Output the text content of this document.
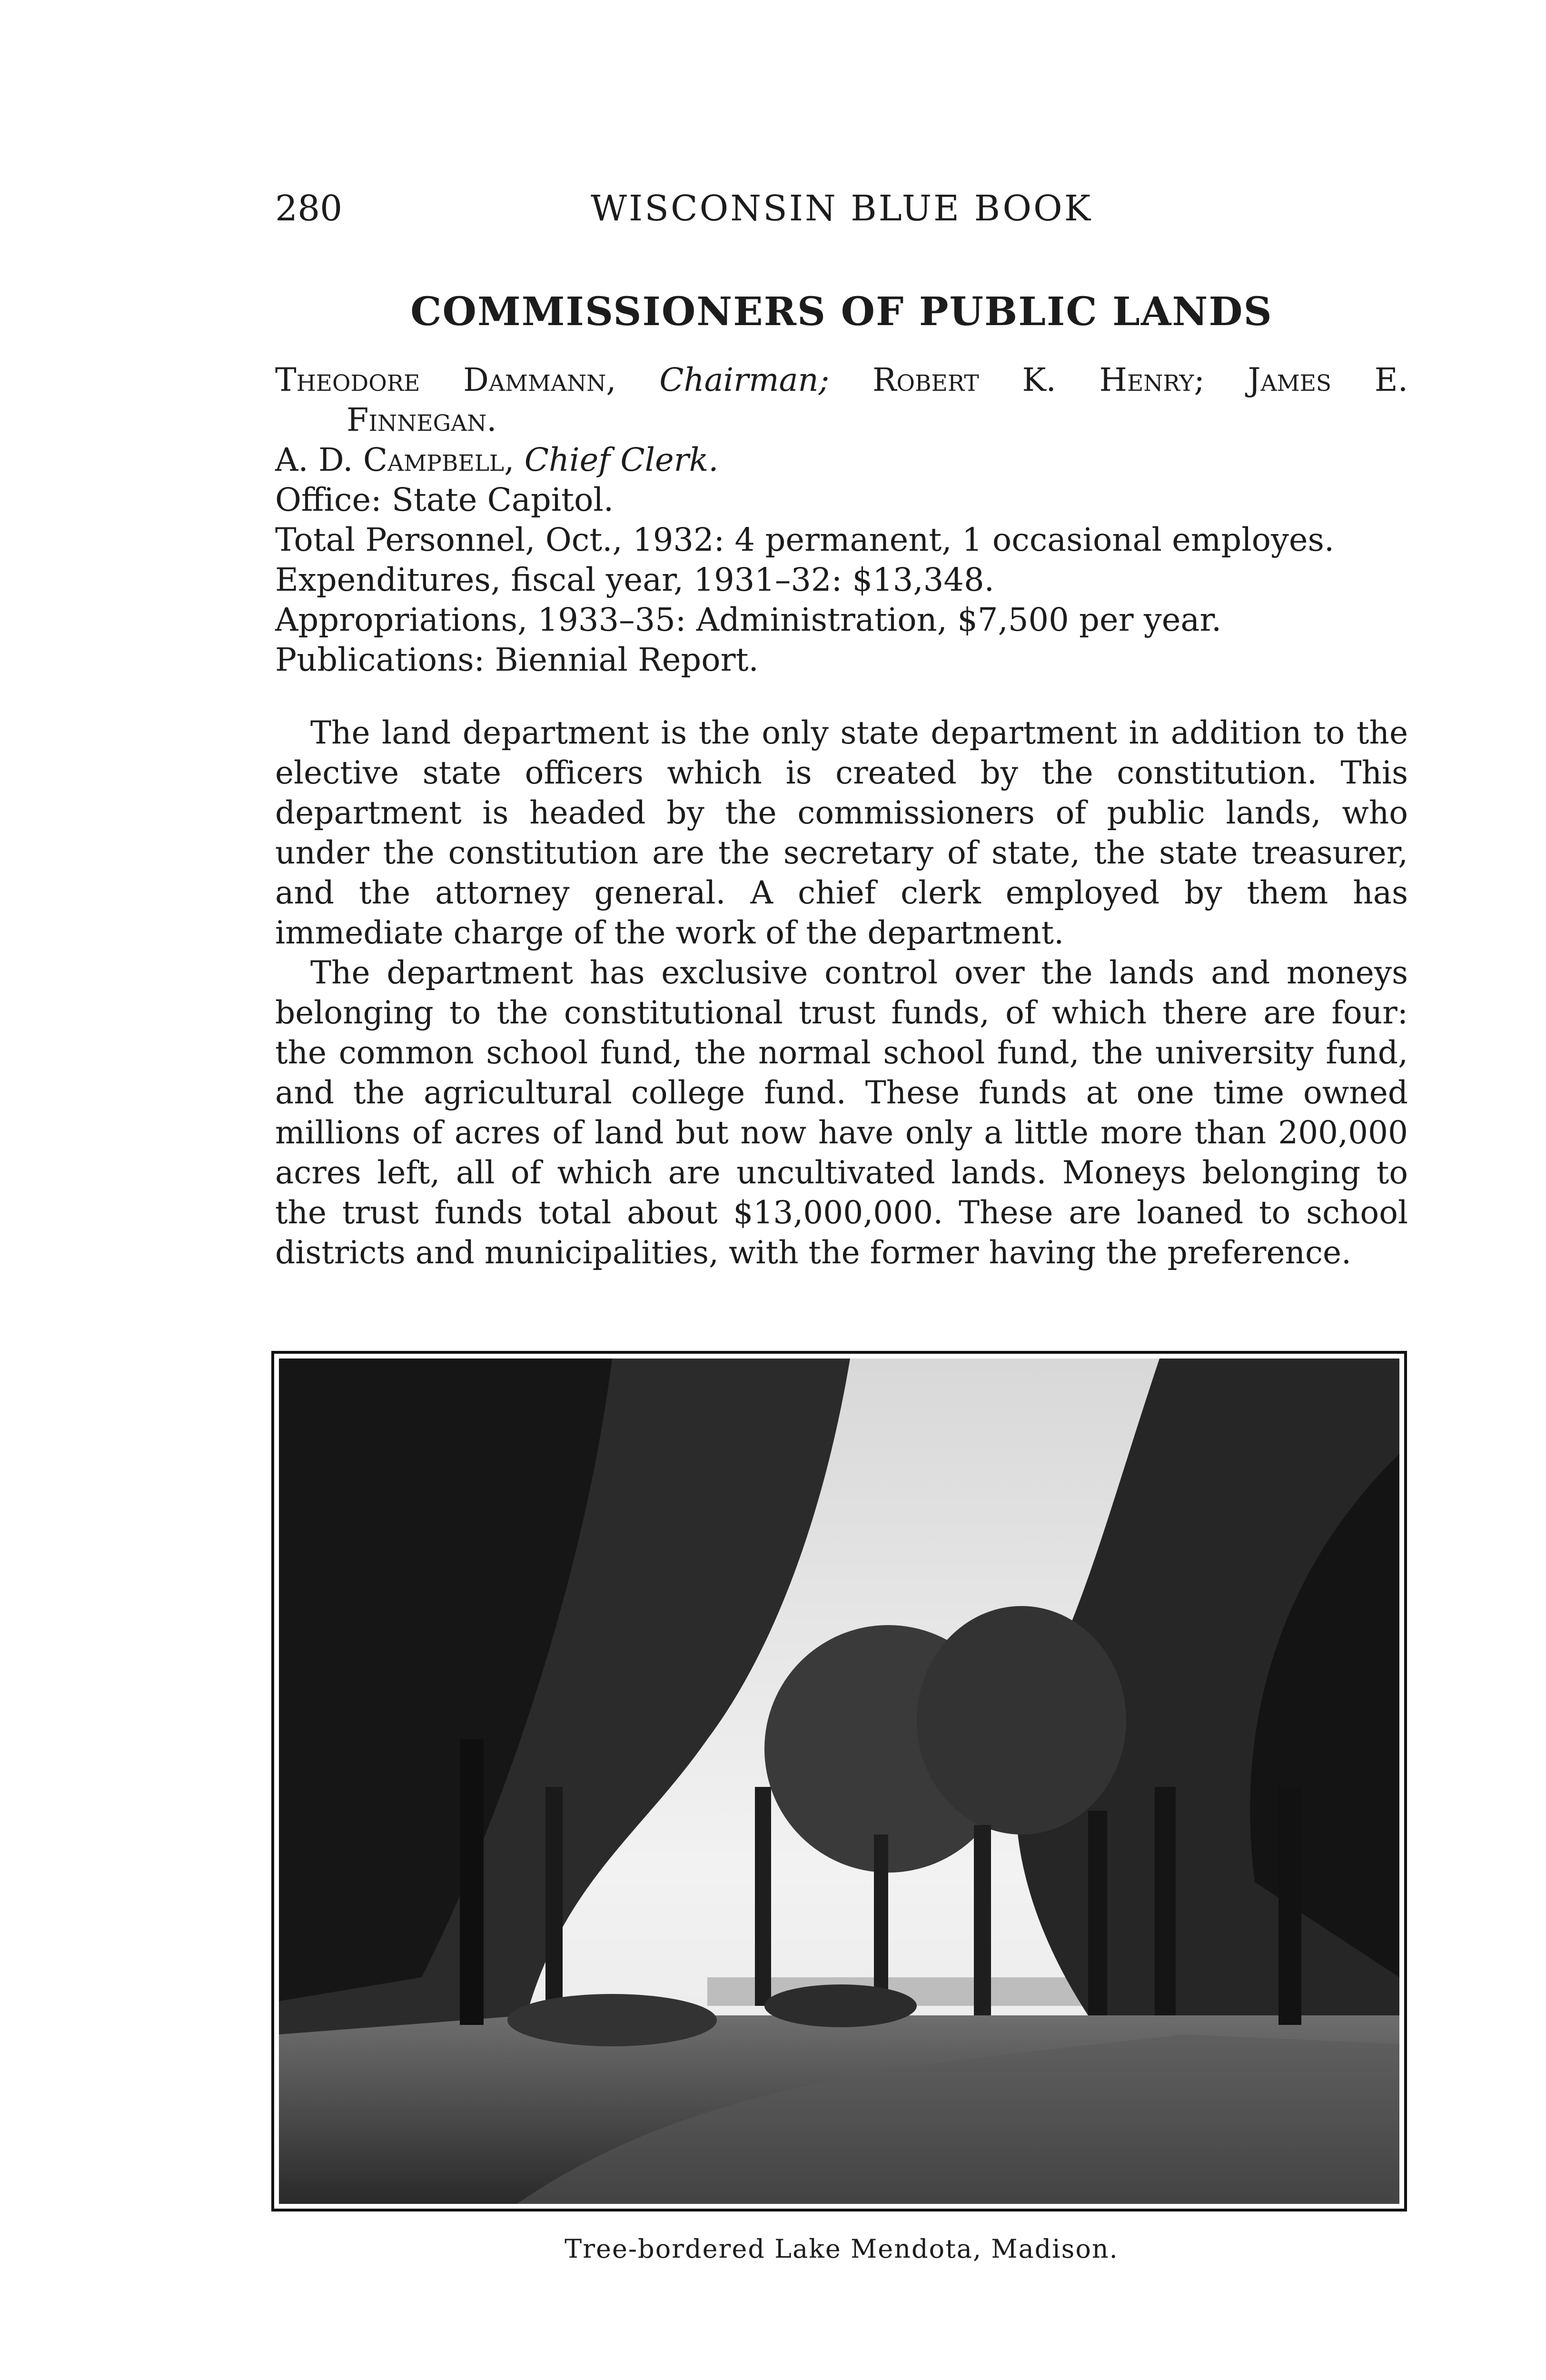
280	WISCONSIN BLUE BOOK
COMMISSIONERS OF PUBLIC LANDS
Theodore Dammann, Chairman; Robert K. Henry; James E.
Finnegan.
A. D. Campbell, Chief Clerk.
Office: State Capitol.
Total Personnel, Oct., 1932: 4 permanent, 1 occasional employes.
Expenditures, fiscal year, 1931–32: $13,348.
Appropriations, 1933–35: Administration, $7,500 per year.
Publications: Biennial Report.

The land department is the only state department in addition to the elective state officers which is created by the constitution. This department is headed by the commissioners of public lands, who under the constitution are the secretary of state, the state treasurer, and the attorney general. A chief clerk employed by them has immediate charge of the work of the department.

The department has exclusive control over the lands and moneys belonging to the constitutional trust funds, of which there are four: the common school fund, the normal school fund, the university fund, and the agricultural college fund. These funds at one time owned millions of acres of land but now have only a little more than 200,000 acres left, all of which are uncultivated lands. Moneys belonging to the trust funds total about $13,000,000. These are loaned to school districts and municipalities, with the former having the preference.

Tree-bordered Lake Mendota, Madison.
